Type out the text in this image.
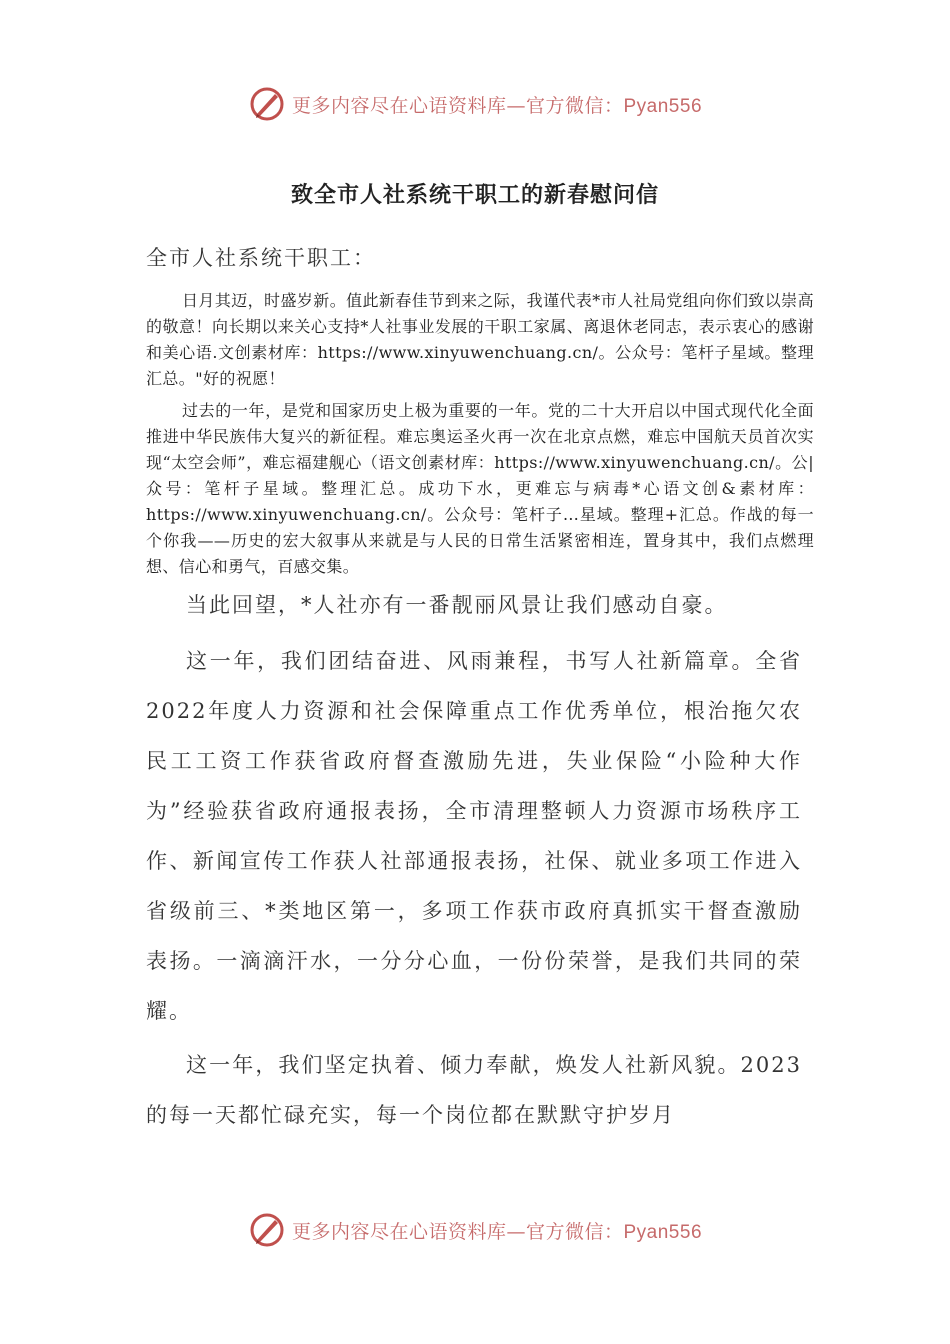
更多内容尽在心语资料库—官方微信：Pyan556
致全市人社系统干职工的新春慰问信
全市人社系统干职工：

日月其迈，时盛岁新。值此新春佳节到来之际，我谨代表*市人社局党组向你们致以崇高的敬意！向长期以来关心支持*人社事业发展的干职工家属、离退休老同志，表示衷心的感谢和美心语.文创素材库：https://www.xinyuwenchuang.cn/。公众号：笔杆子星域。整理汇总。"好的祝愿！

过去的一年，是党和国家历史上极为重要的一年。党的二十大开启以中国式现代化全面推进中华民族伟大复兴的新征程。难忘奥运圣火再一次在北京点燃，难忘中国航天员首次实现“太空会师”，难忘福建舰心（语文创素材库：https://www.xinyuwenchuang.cn/。公|众号：笔杆子星域。整理汇总。成功下水，更难忘与病毒*心语文创&素材库：https://www.xinyuwenchuang.cn/。公众号：笔杆子…星域。整理+汇总。作战的每一个你我——历史的宏大叙事从来就是与人民的日常生活紧密相连，置身其中，我们点燃理想、信心和勇气，百感交集。

当此回望，*人社亦有一番靓丽风景让我们感动自豪。

这一年，我们团结奋进、风雨兼程，书写人社新篇章。全省2022年度人力资源和社会保障重点工作优秀单位，根治拖欠农民工工资工作获省政府督查激励先进，失业保险“小险种大作为”经验获省政府通报表扬，全市清理整顿人力资源市场秩序工作、新闻宣传工作获人社部通报表扬，社保、就业多项工作进入省级前三、*类地区第一，多项工作获市政府真抓实干督查激励表扬。一滴滴汗水，一分分心血，一份份荣誉，是我们共同的荣耀。

这一年，我们坚定执着、倾力奉献，焕发人社新风貌。2023的每一天都忙碌充实，每一个岗位都在默默守护岁月

更多内容尽在心语资料库—官方微信：Pyan556
